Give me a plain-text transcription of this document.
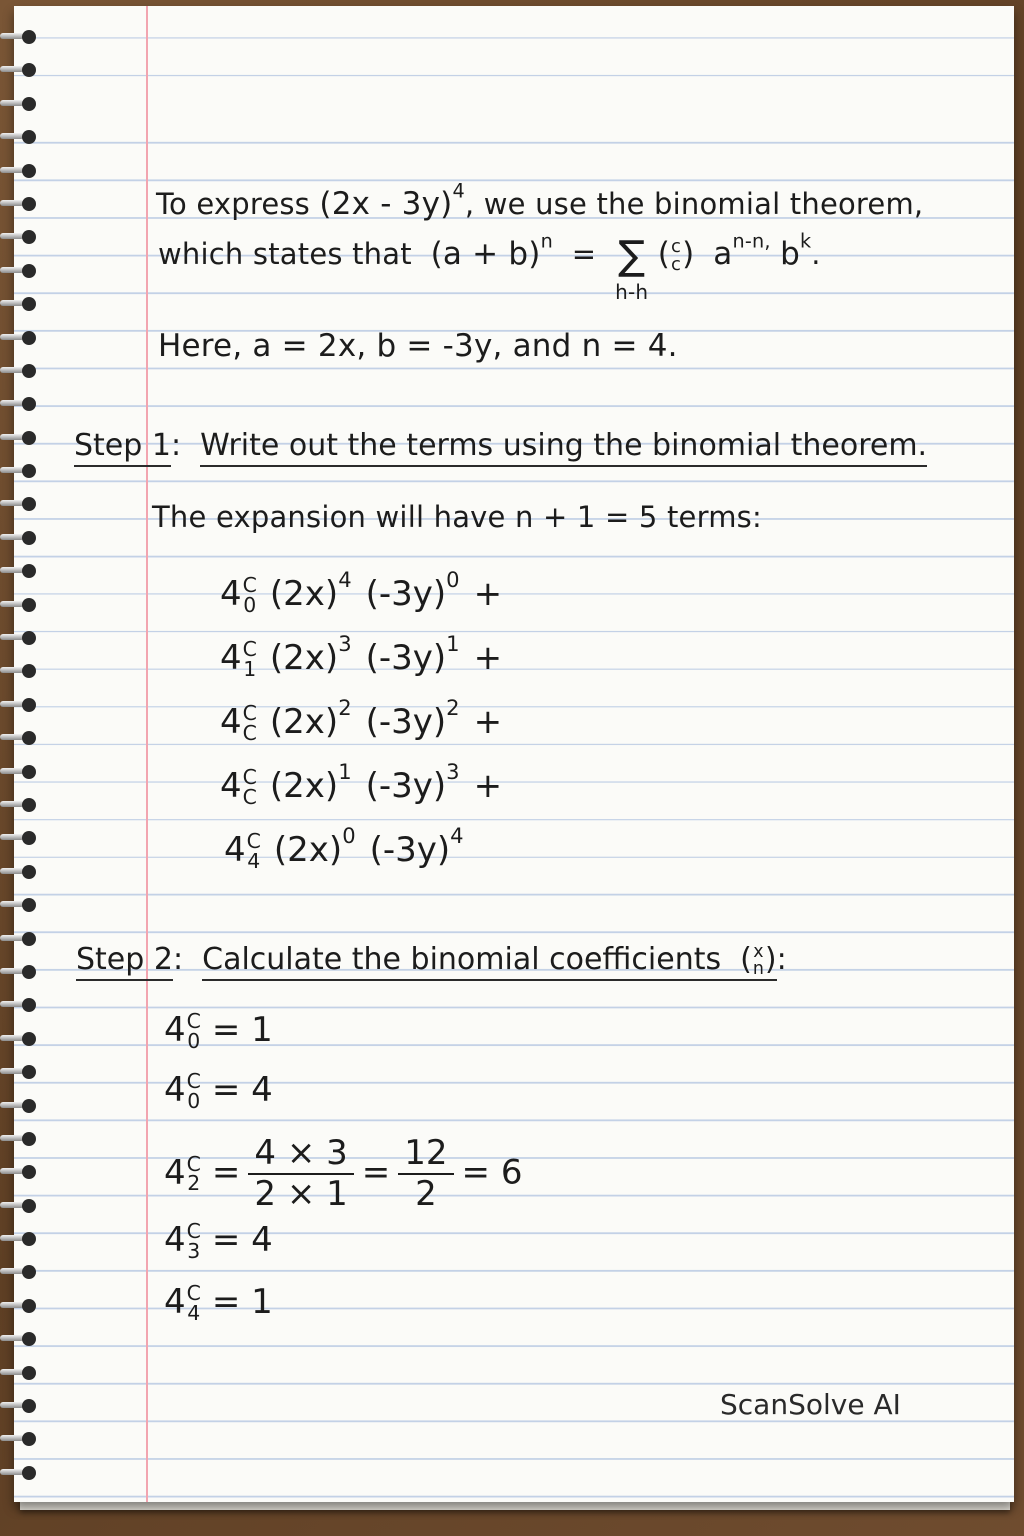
To express (2x - 3y)$^4$, we use the binomial theorem,
which states that $(a + b)^n$ = ∑
h-h
( c
c ) $a^{n-n,}$ $b^k$.
Here, a = 2x, b = -3y, and n = 4.
Step 1: Write out the terms using the binomial theorem.
The expansion will have n + 1 = 5 terms:
4 C
0 $(2x)^4$ $(-3y)^0$ +
4 C
1 $(2x)^3$ $(-3y)^1$ +
4 C
C $(2x)^2$ $(-3y)^2$ +
4 C
C $(2x)^1$ $(-3y)^3$ +
4 C
4 $(2x)^0$ $(-3y)^4$
Step 2: Calculate the binomial coefficients  ( x
n ):
4 C
0 = 1
4 C
0 = 4
4 C
$2 = \frac{4 \times 3}{2 \times 1} = \frac{12}{2} = 6$
4 C
3 = 4
4 C
4 = 1
ScanSolve AI
